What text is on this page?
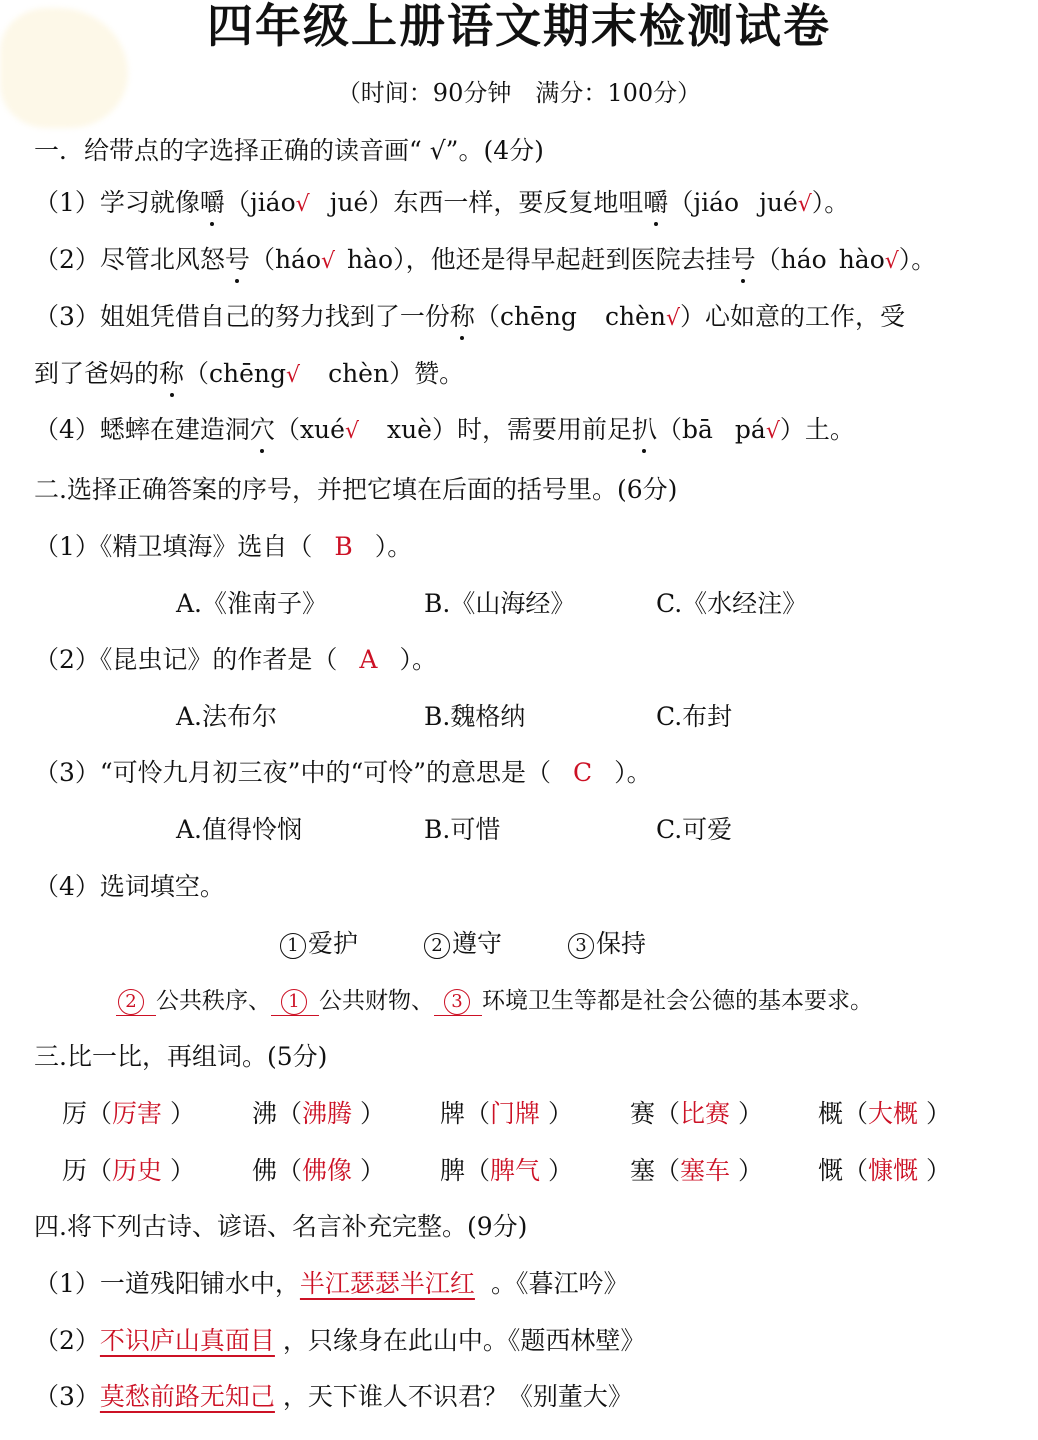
四年级上册语文期末检测试卷
（时间：90分钟　满分：100分）
一．给带点的字选择正确的读音画“ √”。(4分)
（1）学习就像嚼（jiáo√ jué）东西一样，要反复地咀嚼（jiáo jué√）。
（2）尽管北风怒号（háo√ hào），他还是得早起赶到医院去挂号（háo hào√）。
（3）姐姐凭借自己的努力找到了一份称（chēng chèn√）心如意的工作，受
到了爸妈的称（chēng√ chèn）赞。
（4）蟋蟀在建造洞穴（xué√ xuè）时，需要用前足扒（bā pá√）土。
二.选择正确答案的序号，并把它填在后面的括号里。(6分)
（1）《精卫填海》选自（ B ）。
A.《淮南子》	B.《山海经》	C.《水经注》
（2）《昆虫记》的作者是（ A ）。
A.法布尔	B.魏格纳	C.布封
（3）“可怜九月初三夜”中的“可怜”的意思是（ C ）。
A.值得怜悯	B.可惜	C.可爱
（4）选词填空。
1 爱护	2 遵守	3 保持
2 公共秩序、 1 公共财物、 3 环境卫生等都是社会公德的基本要求。
三.比一比，再组词。(5分)
厉（厉害 ） 沸（沸腾 ） 牌（门牌 ） 赛（比赛 ） 概（大概 ）
历（历史 ） 佛（佛像 ） 脾（脾气 ） 塞（塞车 ） 慨（慷慨 ）
四.将下列古诗、谚语、名言补充完整。(9分)
（1）一道残阳铺水中，半江瑟瑟半江红 。《暮江吟》
（2）不识庐山真面目 ，只缘身在此山中。《题西林壁》
（3）莫愁前路无知己 ，天下谁人不识君？《别董大》
